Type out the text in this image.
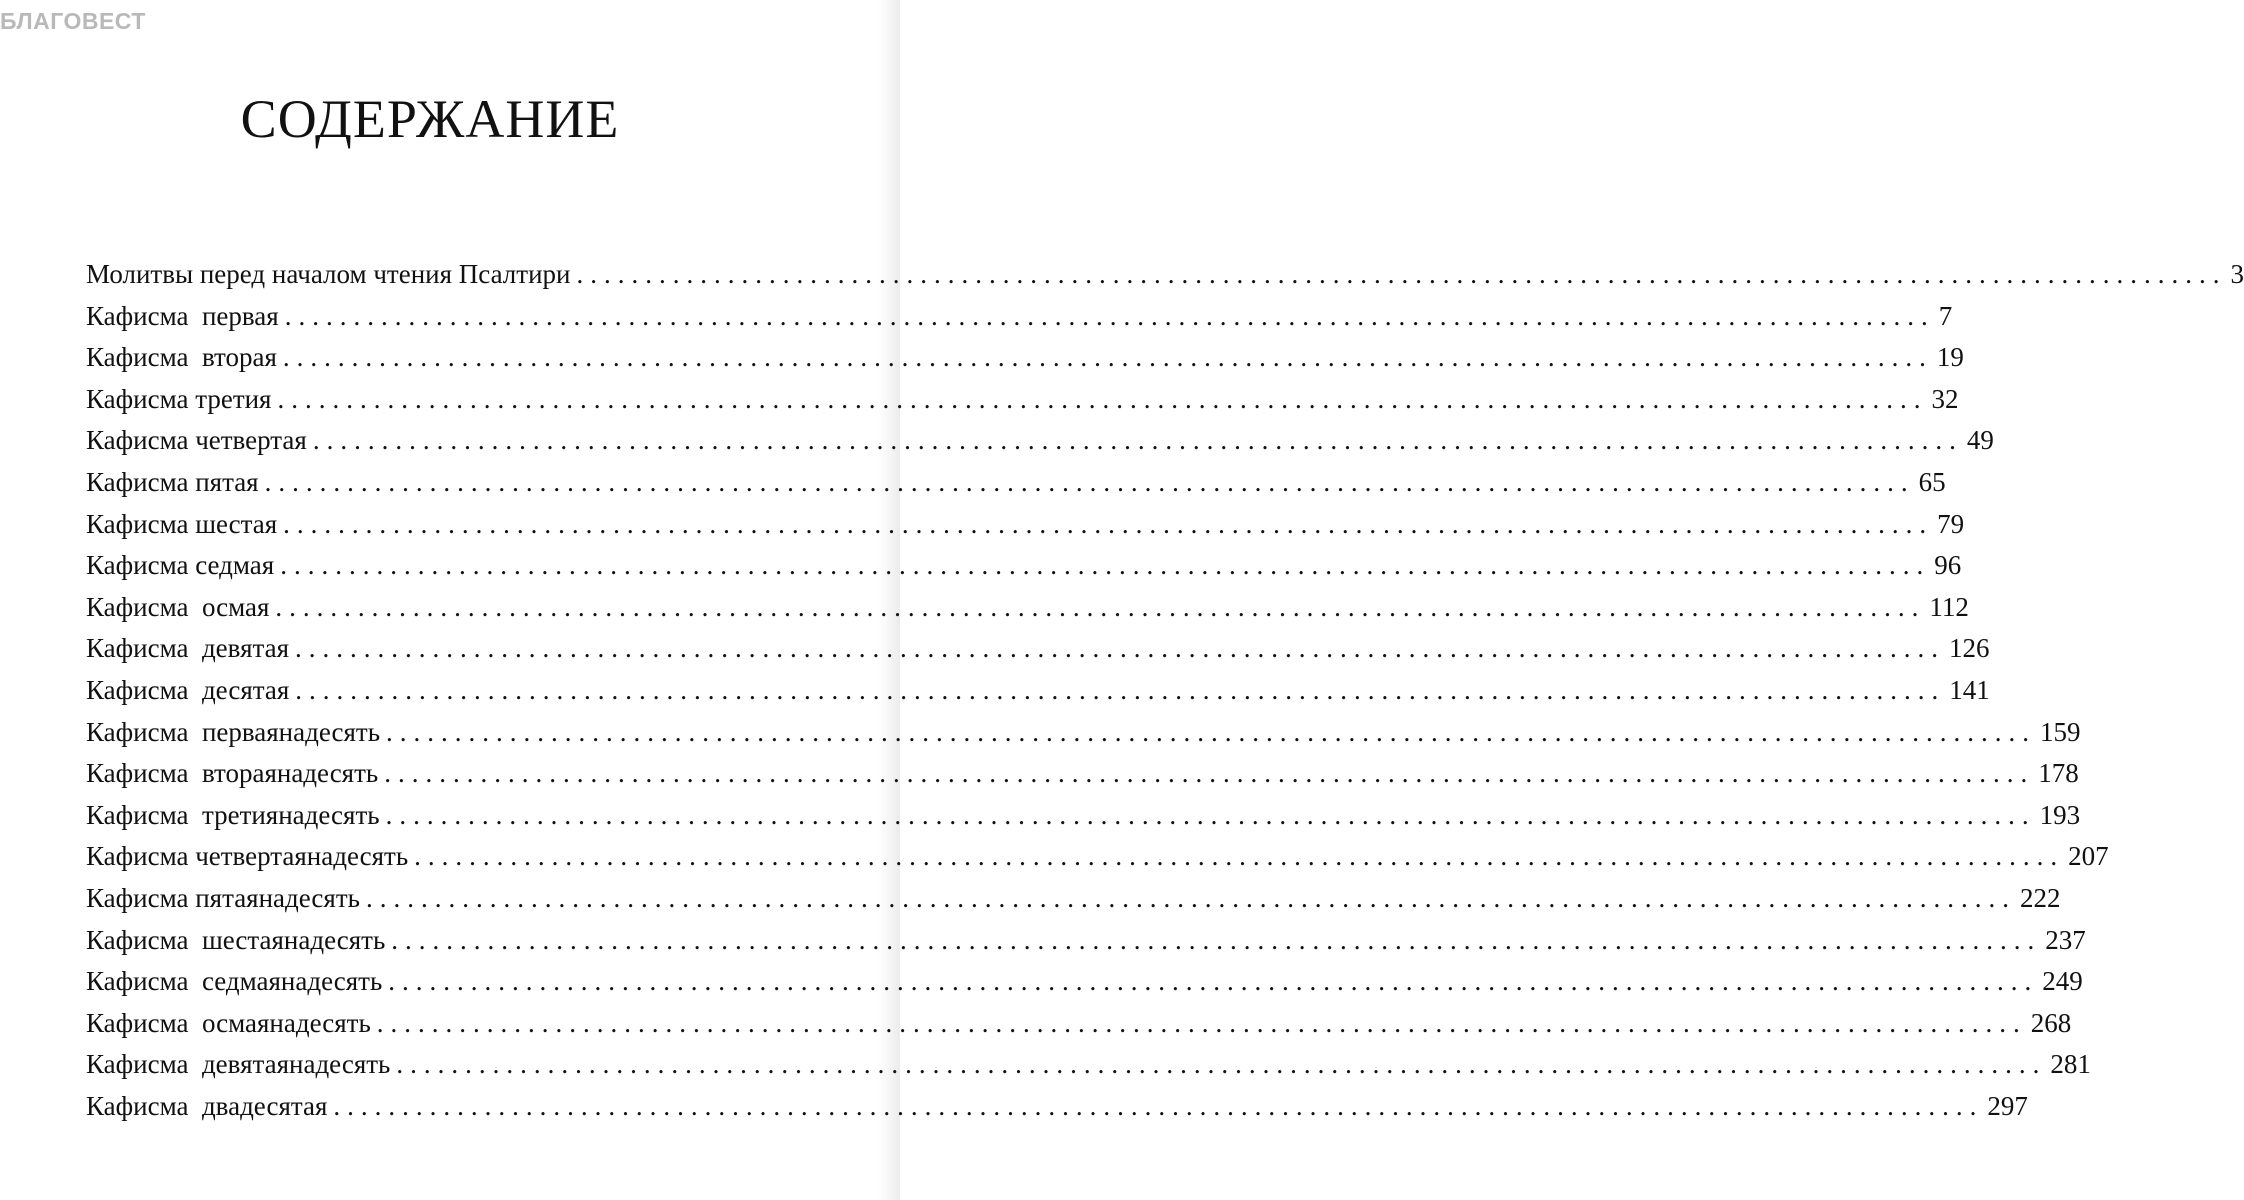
БЛАГОВЕСТ
СОДЕРЖАНИЕ
Молитвы перед началом чтения Псалтири ........................................................................................................................ 3
Кафисма  первая ........................................................................................................................ 7
Кафисма  вторая ........................................................................................................................ 19
Кафисма третия ........................................................................................................................ 32
Кафисма четвертая ........................................................................................................................ 49
Кафисма пятая ........................................................................................................................ 65
Кафисма шестая ........................................................................................................................ 79
Кафисма седмая ........................................................................................................................ 96
Кафисма  осмая ........................................................................................................................ 112
Кафисма  девятая ........................................................................................................................ 126
Кафисма  десятая ........................................................................................................................ 141
Кафисма  перваянадесять ........................................................................................................................ 159
Кафисма  втораянадесять ........................................................................................................................ 178
Кафисма  третиянадесять ........................................................................................................................ 193
Кафисма четвертаянадесять ........................................................................................................................ 207
Кафисма пятаянадесять ........................................................................................................................ 222
Кафисма  шестаянадесять ........................................................................................................................ 237
Кафисма  седмаянадесять ........................................................................................................................ 249
Кафисма  осмаянадесять ........................................................................................................................ 268
Кафисма  девятаянадесять ........................................................................................................................ 281
Кафисма  двадесятая ........................................................................................................................ 297
